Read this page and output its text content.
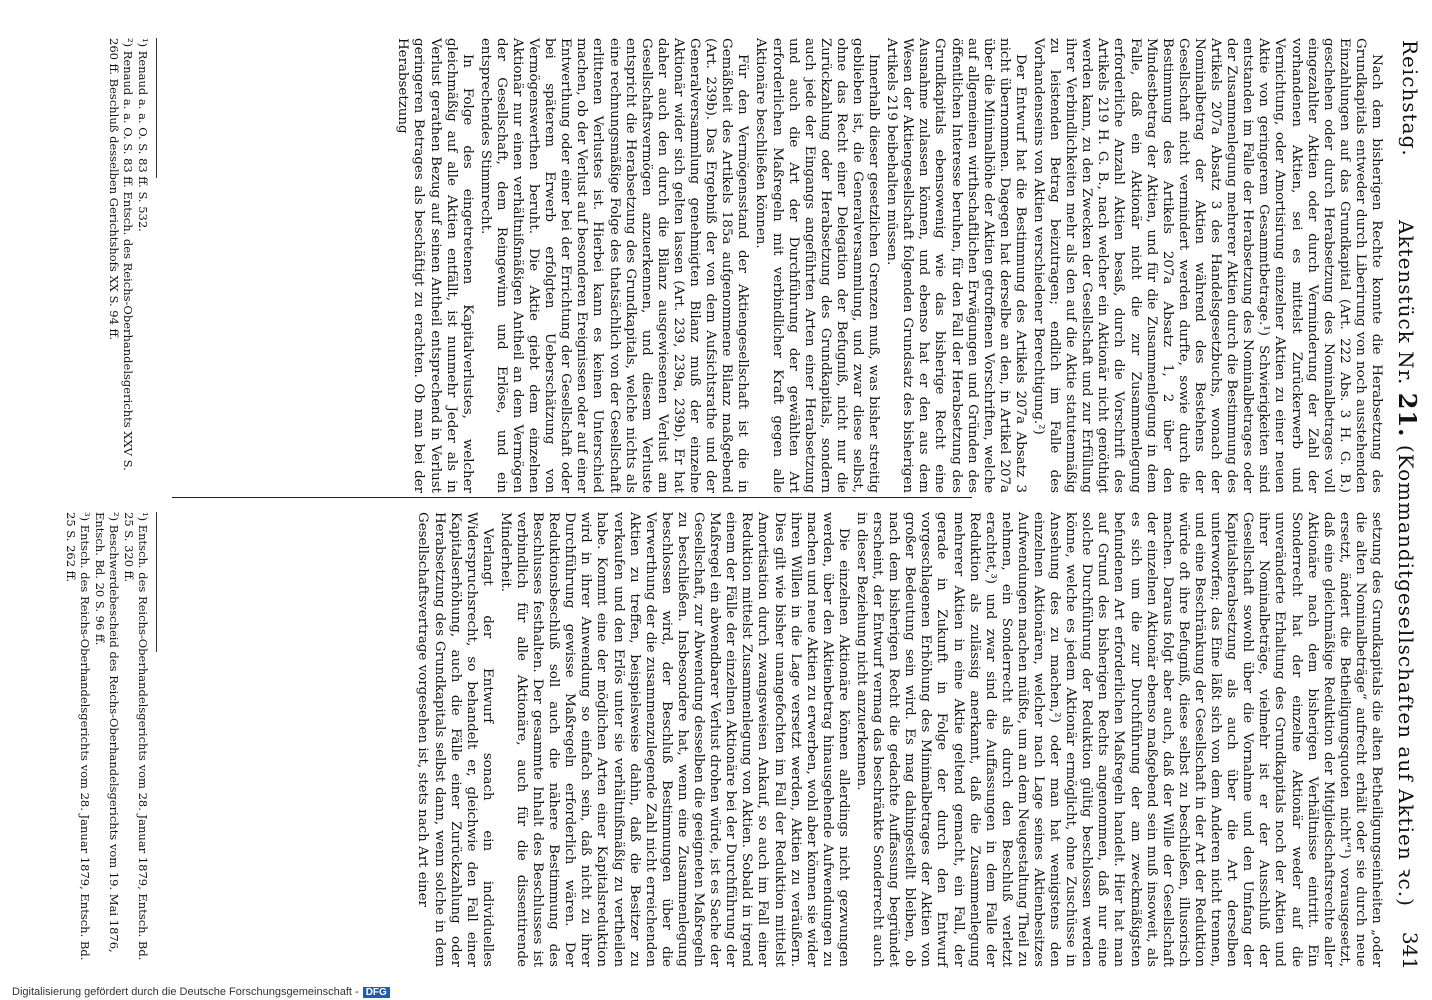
Reichstag.
Aktenstück Nr. 21. (Kommanditgesellschaften auf Aktien ꝛc.)
341

Nach dem bisherigen Rechte konnte die Herabsetzung des Grundkapitals entweder durch Liberirung von noch ausstehenden Einzahlungen auf das Grundkapital (Art. 222 Abs. 3 H. G. B.) geschehen oder durch Herabsetzung des Nominalbetrages voll eingezahlter Aktien oder durch Verminderung der Zahl der vorhandenen Aktien, sei es mittelst Zurückerwerb und Vernichtung, oder Amortisirung einzelner Aktien zu einer neuen Aktie von geringerem Gesammtbetrage.¹) Schwierigkeiten sind entstanden im Falle der Herabsetzung des Nominalbetrages oder der Zusammenlegung mehrerer Aktien durch die Bestimmung des Artikels 207a Absatz 3 des Handelsgesetzbuchs, wonach der Nominalbetrag der Aktien während des Bestehens der Gesellschaft nicht vermindert werden durfte, sowie durch die Bestimmung des Artikels 207a Absatz 1, 2 über den Mindestbetrag der Aktien, und für die Zusammenlegung in dem Falle, daß ein Aktionär nicht die zur Zusammenlegung erforderliche Anzahl Aktien besaß, durch die Vorschrift des Artikels 219 H. G. B., nach welcher ein Aktionär nicht genöthigt werden kann, zu den Zwecken der Gesellschaft und zur Erfüllung ihrer Verbindlichkeiten mehr als den auf die Aktie statutenmäßig zu leistenden Betrag beizutragen; endlich im Falle des Vorhandenseins von Aktien verschiedener Berechtigung.²)

Der Entwurf hat die Bestimmung des Artikels 207a Absatz 3 nicht übernommen. Dagegen hat derselbe an den, in Artikel 207a über die Minimalhöhe der Aktien getroffenen Vorschriften, welche auf allgemeinen wirthschaftlichen Erwägungen und Gründen des öffentlichen Interesse beruhen, für den Fall der Herabsetzung des Grundkapitals ebensowenig wie das bisherige Recht eine Ausnahme zulassen können, und ebenso hat er den aus dem Wesen der Aktiengesellschaft folgenden Grundsatz des bisherigen Artikels 219 beibehalten müssen.

Innerhalb dieser gesetzlichen Grenzen muß, was bisher streitig geblieben ist, die Generalversammlung, und zwar diese selbst, ohne das Recht einer Delegation der Befugniß, nicht nur die Zurückzahlung oder Herabsetzung des Grundkapitals, sondern auch jede der Eingangs angeführten Arten einer Herabsetzung und auch die Art der Durchführung der gewählten Art erforderlichen Maßregeln mit verbindlicher Kraft gegen alle Aktionäre beschließen können.

Für den Vermögensstand der Aktiengesellschaft ist die in Gemäßheit des Artikels 185a aufgenommene Bilanz maßgebend (Art. 239b). Das Ergebniß der von dem Aufsichtsrathe und der Generalversammlung genehmigten Bilanz muß der einzelne Aktionär wider sich gelten lassen (Art. 239, 239a, 239b). Er hat daher auch den durch die Bilanz ausgewiesenen Verlust am Gesellschaftsvermögen anzuerkennen, und diesem Verluste entspricht die Herabsetzung des Grundkapitals, welche nichts als eine rechnungsmäßige Folge des thatsächlich von der Gesellschaft erlittenen Verlustes ist. Hierbei kann es keinen Unterschied machen, ob der Verlust auf besonderen Ereignissen oder auf einer Entwerthung oder einer bei der Errichtung der Gesellschaft oder bei späterem Erwerb erfolgten Ueberschätzung von Vermögenswerthen beruht. Die Aktie giebt dem einzelnen Aktionär nur einen verhältnißmäßigen Antheil an dem Vermögen der Gesellschaft, dem Reingewinn und Erlöse, und ein entsprechendes Stimmrecht.

In Folge des eingetretenen Kapitalverlustes, welcher gleichmäßig auf alle Aktien entfällt, ist nunmehr Jeder als in Verlust gerathen Bezug auf seinen Antheil entsprechend in Verlust geringeren Betrages als beschäftigt zu erachten. Ob man bei der Herabsetzung

setzung des Grundkapitals die alten Betheiligungseinheiten „oder die alten Nominalbeträge“ aufrecht erhält oder sie durch neue ersetzt, ändert die Betheiligungsquoten nicht“¹) vorausgesetzt, daß eine gleichmäßige Reduktion der Mitgliedschaftsrechte aller Aktionäre nach dem bisherigen Verhältnisse eintritt. Ein Sonderrecht hat der einzelne Aktionär weder auf die unveränderte Erhaltung des Grundkapitals noch der Aktien und ihrer Nominalbeträge, vielmehr ist er der Ausschluß der Gesellschaft sowohl über die Vornahme und den Umfang der Kapitalsherabsetzung als auch über die Art derselben unterworfen; das Eine läßt sich von dem Anderen nicht trennen, und eine Beschränkung der Gesellschaft in der Art der Reduktion würde oft ihre Befugniß, diese selbst zu beschließen, illusorisch machen. Daraus folgt aber auch, daß der Wille der Gesellschaft der einzelnen Aktionär ebenso maßgebend sein muß insoweit, als es sich um die zur Durchführung der am zweckmäßigsten befundenen Art erforderlichen Maßregeln handelt. Hier hat man auf Grund des bisherigen Rechts angenommen, daß nur eine solche Durchführung der Reduktion gültig beschlossen werden könne, welche es jedem Aktionär ermöglicht, ohne Zuschüsse in Ansehung des zu machen,²) oder man hat wenigstens den einzelnen Aktionären, welcher nach Lage seines Aktienbesitzes Aufwendungen machen müßte, um an dem Neugestaltung Theil zu nehmen, ein Sonderrecht als durch den Beschluß verletzt erachtet,³) und zwar sind die Auffassungen in dem Falle der Reduktion als zulässig anerkannt, daß die Zusammenlegung mehrerer Aktien in eine Aktie geltend gemacht, ein Fall, der gerade in Zukunft in Folge der durch den Entwurf vorgeschlagenen Erhöhung des Minimalbetrages der Aktien von großer Bedeutung sein wird. Es mag dahingestellt bleiben, ob nach dem bisherigen Recht die gedachte Auffassung begründet erscheint, der Entwurf vermag das beschränkte Sonderrecht auch in dieser Beziehung nicht anzuerkennen.

Die einzelnen Aktionäre können allerdings nicht gezwungen werden, über den Aktienbetrag hinausgehende Aufwendungen zu machen und neue Aktien zu erwerben, wohl aber können sie wider ihren Willen in die Lage versetzt werden, Aktien zu veräußern. Dies gilt wie bisher unangefochten im Fall der Reduktion mittelst Amortisation durch zwangsweisen Ankauf, so auch im Fall einer Reduktion mittelst Zusammenlegung von Aktien. Sobald in irgend einem der Fälle der einzelnen Aktionäre bei der Durchführung der Maßregel ein abwendbarer Verlust drohen würde, ist es Sache der Gesellschaft, zur Abwendung desselben die geeigneten Maßregeln zu beschließen. Insbesondere hat, wenn eine Zusammenlegung beschlossen wird, der Beschluß Bestimmungen über die Verwerthung der die zusammenzulegende Zahl nicht erreichenden Aktien zu treffen, beispielsweise dahin, daß die Besitzer zu verkaufen und den Erlös unter sie verhältnißmäßig zu vertheilen habe. Kommt eine der möglichen Arten einer Kapitalsreduktion wird in ihrer Anwendung so einfach sein, daß nicht zu ihrer Durchführung gewisse Maßregeln erforderlich wären. Der Reduktionsbeschluß soll auch die nähere Bestimmung des Beschlusses festhalten. Der gesammte Inhalt des Beschlusses ist verbindlich für alle Aktionäre, auch für die dissentirende Minderheit.

Verlangt der Entwurf sonach ein individuelles Widerspruchsrecht, so behandelt er, gleichwie den Fall einer Kapitalserhöhung, auch die Fälle einer Zurückzahlung oder Herabsetzung des Grundkapitals selbst dann, wenn solche in dem Gesellschaftsvertrage vorgesehen ist, stets nach Art einer

¹) Renaud a. a. O. S. 83 ff. S. 532.
²) Renaud a. a. O. S. 83 ff. Entsch. des Reichs-Oberhandelsgerichts XXV S. 260 ff. Beschluß desselben Gerichtshofs XX S. 94 ff.
¹) Entsch. des Reichs-Oberhandelsgerichts vom 28. Januar 1879, Entsch. Bd. 25 S. 320 ff.
²) Beschwerdebescheid des Reichs-Oberhandelsgerichts vom 19. Mai 1876, Entsch. Bd. 20 S. 96 ff.
³) Entsch. des Reichs-Oberhandelsgerichts vom 28. Januar 1879, Entsch. Bd. 25 S. 262 ff.
Digitalisierung gefördert durch die Deutsche Forschungsgemeinschaft - DFG
